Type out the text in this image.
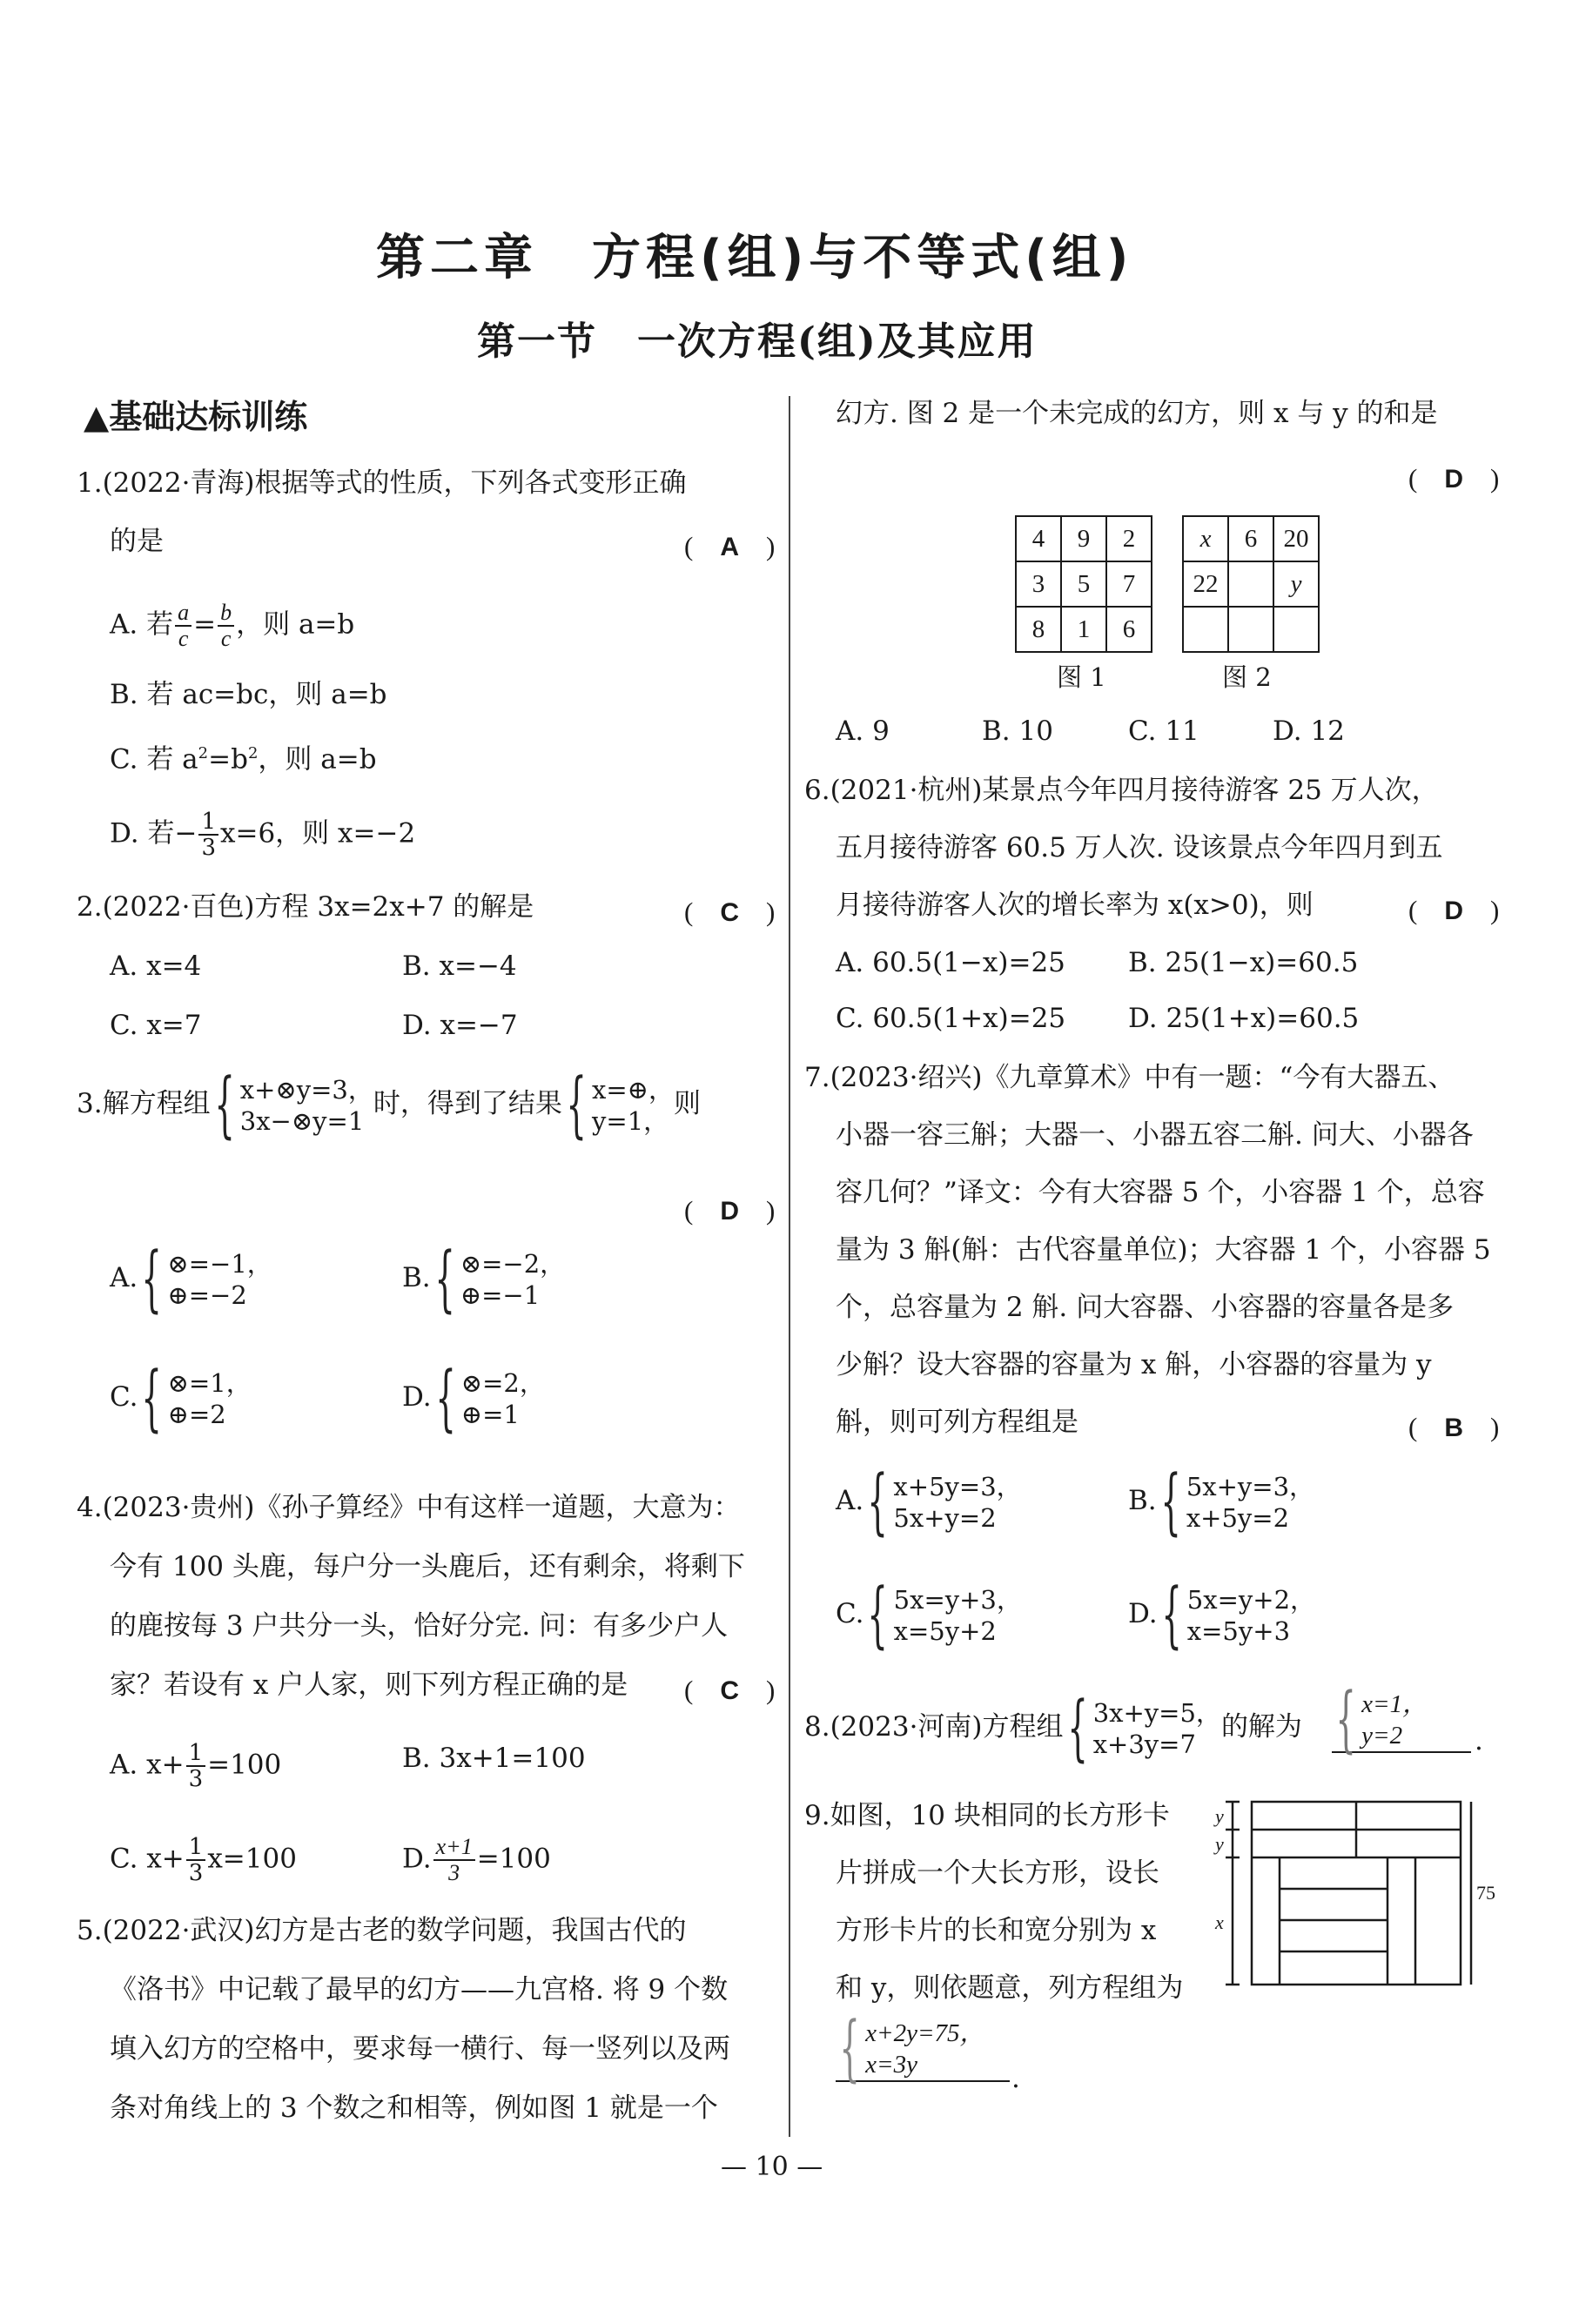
第二章　方程(组)与不等式(组)
第一节　一次方程(组)及其应用
▲基础达标训练
1.(2022·青海)根据等式的性质，下列各式变形正确
的是	(　A　)
A. 若 $\frac{a}{c} = \frac{b}{c}$ ，则 a=b
B. 若 ac=bc，则 a=b
C. 若 $a^2=b^2$，则 a=b
D. 若− $\frac{1}{3} x=6$，则 x=−2
2.(2022·百色)方程 3x=2x+7 的解是	(　C　)
A. x=4	B. x=−4
C. x=7	D. x=−7
3.解方程组 { x+⊗y=3，
3x−⊗y=1
时，得到了结果 { x=⊕，
y=1，
则
(　D　)
A. { ⊗=−1，
⊕=−2
B. { ⊗=−2，
⊕=−1
C. { ⊗=1，
⊕=2
D. { ⊗=2，
⊕=1
4.(2023·贵州)《孙子算经》中有这样一道题，大意为：
今有 100 头鹿，每户分一头鹿后，还有剩余，将剩下
的鹿按每 3 户共分一头，恰好分完. 问：有多少户人
家？若设有 x 户人家，则下列方程正确的是 (　C　)
A. $x+ \frac{1}{3} =100$	B. 3x+1=100
C. $x+ \frac{1}{3} x=100$	D. $\frac{x+1}{3} =100$
5.(2022·武汉)幻方是古老的数学问题，我国古代的
《洛书》中记载了最早的幻方——九宫格. 将 9 个数
填入幻方的空格中，要求每一横行、每一竖列以及两
条对角线上的 3 个数之和相等，例如图 1 就是一个
幻方. 图 2 是一个未完成的幻方，则 x 与 y 的和是
(　D　)
4	9	2
3	5	7
8	1	6
x	6	20
22		y

图 1	图 2
A. 9	B. 10	C. 11	D. 12
6.(2021·杭州)某景点今年四月接待游客 25 万人次，
五月接待游客 60.5 万人次. 设该景点今年四月到五
月接待游客人次的增长率为 x(x>0)，则	(　D　)
A. 60.5(1−x)=25 B. 25(1−x)=60.5
C. 60.5(1+x)=25 D. 25(1+x)=60.5
7.(2023·绍兴)《九章算术》中有一题：“今有大器五、
小器一容三斛；大器一、小器五容二斛. 问大、小器各
容几何？”译文：今有大容器 5 个，小容器 1 个，总容
量为 3 斛(斛：古代容量单位)；大容器 1 个，小容器 5
个，总容量为 2 斛. 问大容器、小容器的容量各是多
少斛？设大容器的容量为 x 斛，小容器的容量为 y
斛，则可列方程组是	(　B　)
A. { x+5y=3，
5x+y=2
B. { 5x+y=3，
x+5y=2
C. { 5x=y+3，
x=5y+2
D. { 5x=y+2，
x=5y+3
8.(2023·河南)方程组 { 3x+y=5，
x+3y=7
的解为 { x=1，
y=2	.
9.如图，10 块相同的长方形卡
片拼成一个大长方形，设长
方形卡片的长和宽分别为 x
和 y，则依题意，列方程组为
y
y
x
75
{ x+2y=75，
x=3y	.
— 10 —
